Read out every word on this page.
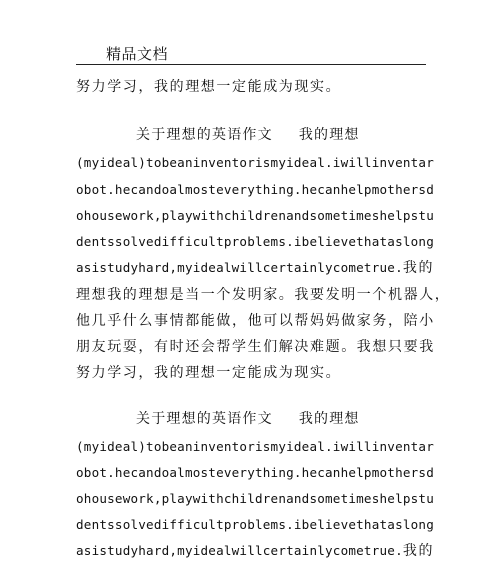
精品文档
努力学习，我的理想一定能成为现实。
关于理想的英语作文 我的理想
(myideal)tobeaninventorismyideal.iwillinventar
obot.hecandoalmosteverything.hecanhelpmothersd
ohousework,playwithchildrenandsometimeshelpstu
dentssolvedifficultproblems.ibelievethataslong
asistudyhard,myidealwillcertainlycometrue.我的
理想我的理想是当一个发明家。我要发明一个机器人，
他几乎什么事情都能做，他可以帮妈妈做家务，陪小
朋友玩耍，有时还会帮学生们解决难题。我想只要我
努力学习，我的理想一定能成为现实。
关于理想的英语作文 我的理想
(myideal)tobeaninventorismyideal.iwillinventar
obot.hecandoalmosteverything.hecanhelpmothersd
ohousework,playwithchildrenandsometimeshelpstu
dentssolvedifficultproblems.ibelievethataslong
asistudyhard,myidealwillcertainlycometrue.我的
